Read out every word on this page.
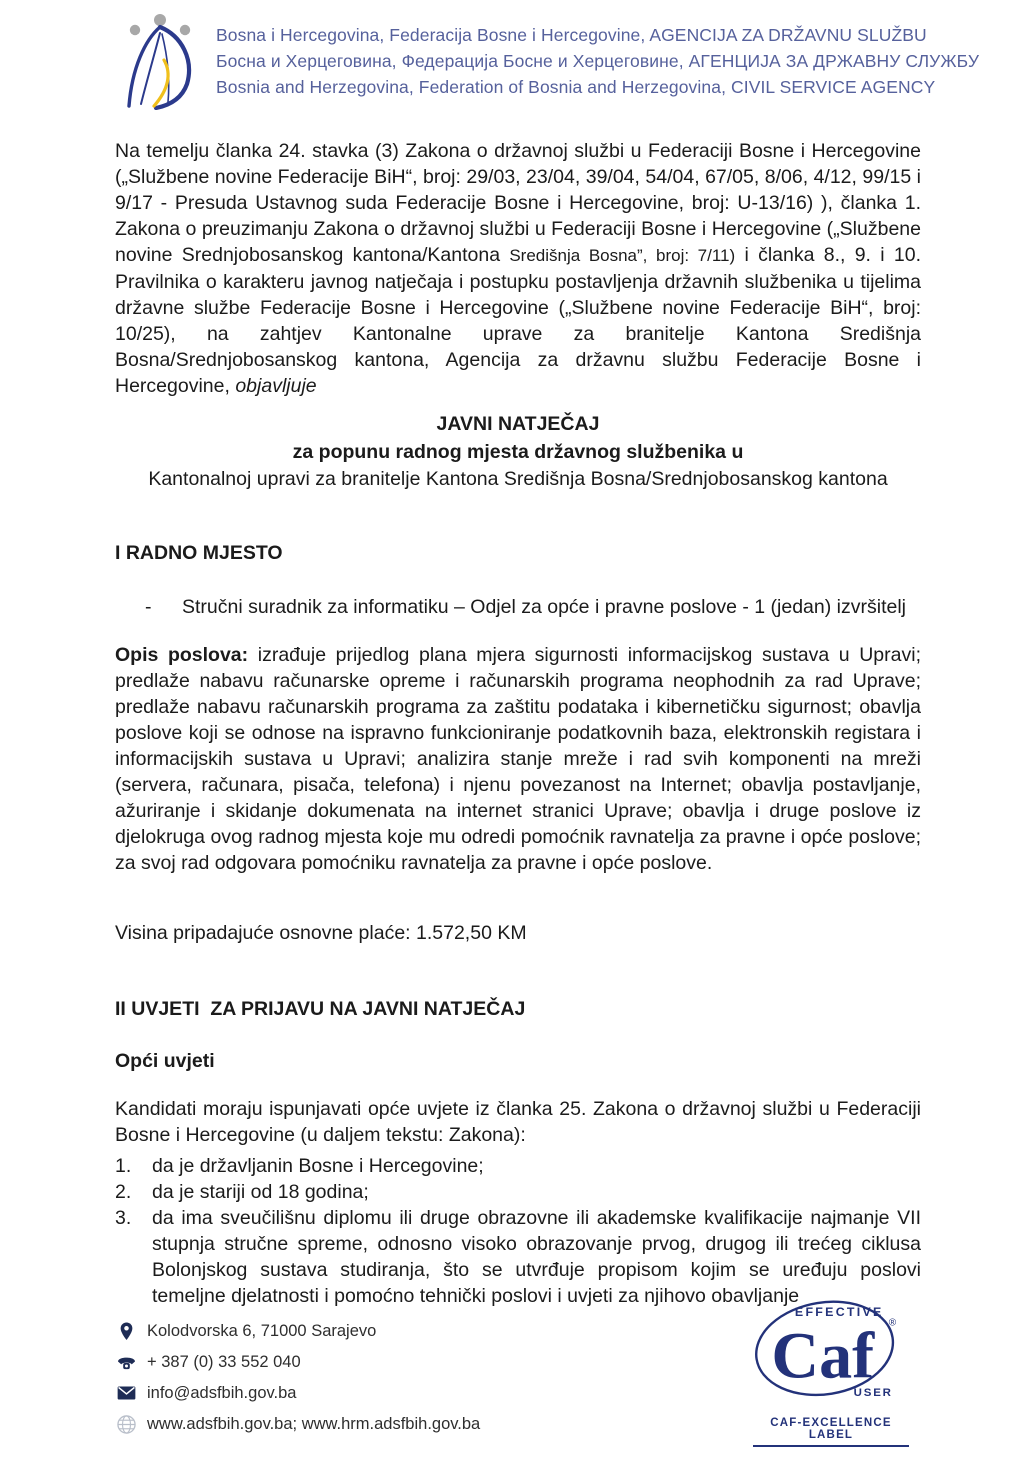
Bosna i Hercegovina, Federacija Bosne i Hercegovine, AGENCIJA ZA DRŽAVNU SLUŽBU
Босна и Херцеговина, Федерација Босне и Херцеговине, АГЕНЦИЈА ЗА ДРЖАВНУ СЛУЖБУ
Bosnia and Herzegovina, Federation of Bosnia and Herzegovina, CIVIL SERVICE AGENCY

Na temelju članka 24. stavka (3) Zakona o državnoj službi u Federaciji Bosne i Hercegovine („Službene novine Federacije BiH“, broj: 29/03, 23/04, 39/04, 54/04, 67/05, 8/06, 4/12, 99/15 i 9/17 - Presuda Ustavnog suda Federacije Bosne i Hercegovine, broj: U-13/16) ), članka 1. Zakona o preuzimanju Zakona o državnoj službi u Federaciji Bosne i Hercegovine („Službene novine Srednjobosanskog kantona/Kantona Središnja Bosna”, broj: 7/11) i članka 8., 9. i 10. Pravilnika o karakteru javnog natječaja i postupku postavljenja državnih službenika u tijelima državne službe Federacije Bosne i Hercegovine („Službene novine Federacije BiH“, broj: 10/25), na zahtjev Kantonalne uprave za branitelje Kantona Središnja Bosna/Srednjobosanskog kantona, Agencija za državnu službu Federacije Bosne i Hercegovine, objavljuje

JAVNI NATJEČAJ
za popunu radnog mjesta državnog službenika u
Kantonalnoj upravi za branitelje Kantona Središnja Bosna/Srednjobosanskog kantona
I RADNO MJESTO
-	Stručni suradnik za informatiku – Odjel za opće i pravne poslove - 1 (jedan) izvršitelj

Opis poslova: izrađuje prijedlog plana mjera sigurnosti informacijskog sustava u Upravi; predlaže nabavu računarske opreme i računarskih programa neophodnih za rad Uprave; predlaže nabavu računarskih programa za zaštitu podataka i kibernetičku sigurnost; obavlja poslove koji se odnose na ispravno funkcioniranje podatkovnih baza, elektronskih registara i informacijskih sustava u Upravi; analizira stanje mreže i rad svih komponenti na mreži (servera, računara, pisača, telefona) i njenu povezanost na Internet; obavlja postavljanje, ažuriranje i skidanje dokumenata na internet stranici Uprave; obavlja i druge poslove iz djelokruga ovog radnog mjesta koje mu odredi pomoćnik ravnatelja za pravne i opće poslove; za svoj rad odgovara pomoćniku ravnatelja za pravne i opće poslove.

Visina pripadajuće osnovne plaće: 1.572,50 KM

II UVJETI  ZA PRIJAVU NA JAVNI NATJEČAJ
Opći uvjeti

Kandidati moraju ispunjavati opće uvjete iz članka 25. Zakona o državnoj službi u Federaciji Bosne i Hercegovine (u daljem tekstu: Zakona):

1.	da je državljanin Bosne i Hercegovine;
2.	da je stariji od 18 godina;
3.	da ima sveučilišnu diplomu ili druge obrazovne ili akademske kvalifikacije najmanje VII stupnja stručne spreme, odnosno visoko obrazovanje prvog, drugog ili trećeg ciklusa Bolonjskog sustava studiranja, što se utvrđuje propisom kojim se uređuju poslovi temeljne djelatnosti i pomoćno tehnički poslovi i uvjeti za njihovo obavljanje
Kolodvorska 6, 71000 Sarajevo
+ 387 (0) 33 552 040
info@adsfbih.gov.ba
www.adsfbih.gov.ba; www.hrm.adsfbih.gov.ba
EFFECTIVE
Caf ®
USER
CAF-EXCELLENCE LABEL
